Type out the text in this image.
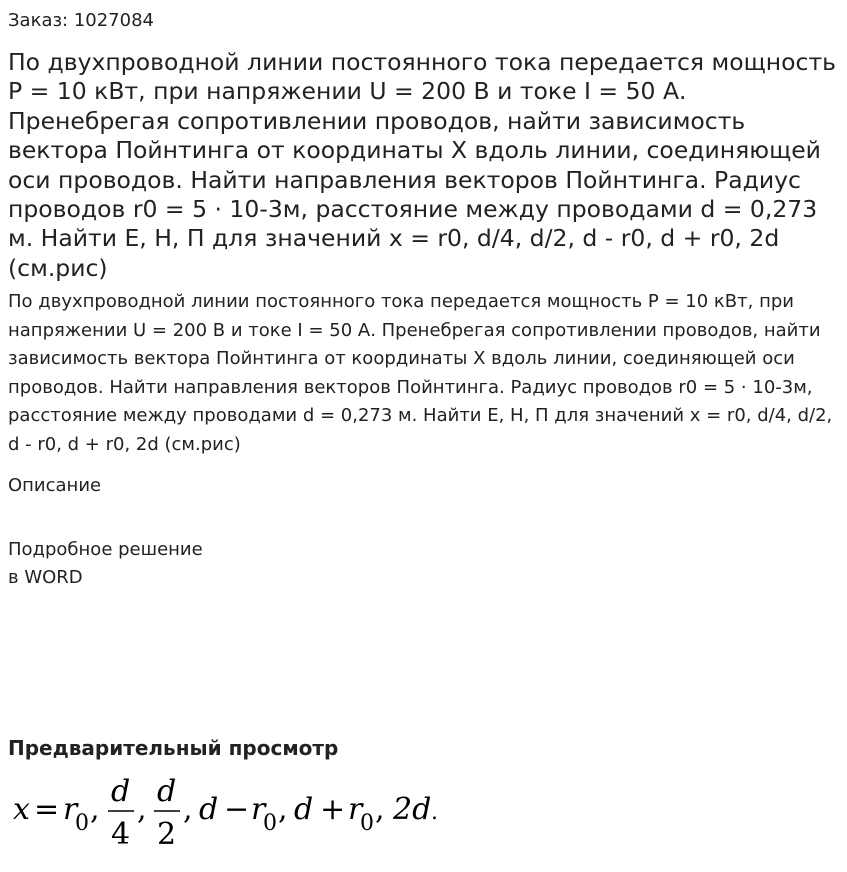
Заказ: 1027084
По двухпроводной линии постоянного тока передается мощность P = 10 кВт, при напряжении U = 200 В и токе I = 50 А. Пренебрегая сопротивлении проводов, найти зависимость вектора Пойнтинга от координаты X вдоль линии, соединяющей оси проводов. Найти направления векторов Пойнтинга. Радиус проводов r0 = 5 · 10-3м, расстояние между проводами d = 0,273 м. Найти E, H, П для значений x = r0, d/4, d/2, d - r0, d + r0, 2d (см.рис)

По двухпроводной линии постоянного тока передается мощность P = 10 кВт, при напряжении U = 200 В и токе I = 50 А. Пренебрегая сопротивлении проводов, найти зависимость вектора Пойнтинга от координаты X вдоль линии, соединяющей оси проводов. Найти направления векторов Пойнтинга. Радиус проводов r0 = 5 · 10-3м, расстояние между проводами d = 0,273 м. Найти E, H, П для значений x = r0, d/4, d/2, d - r0, d + r0, 2d (см.рис)

Описание
Подробное решение
в WORD
Предварительный просмотр
x = r
0 ,
d
4
,
d
2
, d − r
0 , d + r
0 , 2d .
